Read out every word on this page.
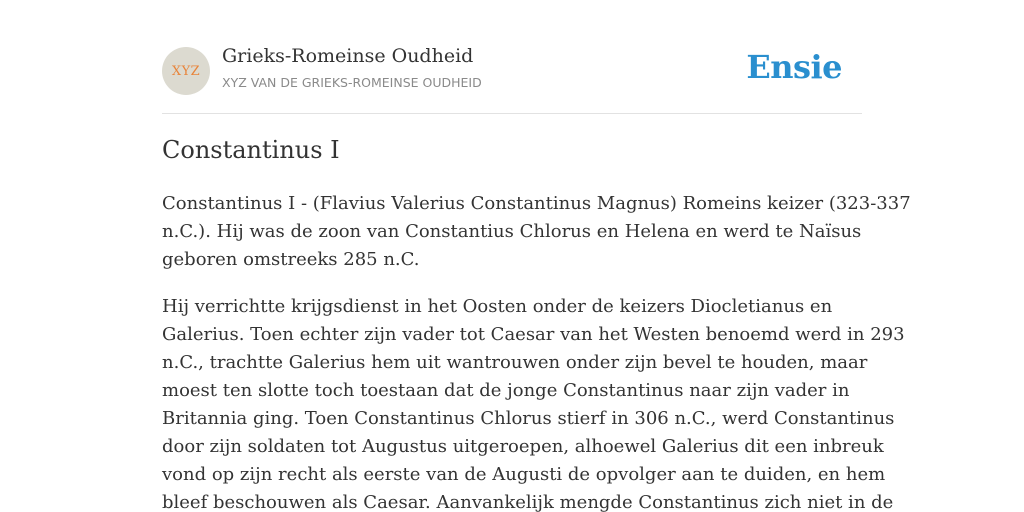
XYZ
Grieks-Romeinse Oudheid
XYZ VAN DE GRIEKS-ROMEINSE OUDHEID	Ensie
Constantinus I

Constantinus I - (Flavius Valerius Constantinus Magnus) Romeins keizer (323-337
n.C.). Hij was de zoon van Constantius Chlorus en Helena en werd te Naïsus
geboren omstreeks 285 n.C.

Hij verrichtte krijgsdienst in het Oosten onder de keizers Diocletianus en
Galerius. Toen echter zijn vader tot Caesar van het Westen benoemd werd in 293
n.C., trachtte Galerius hem uit wantrouwen onder zijn bevel te houden, maar
moest ten slotte toch toestaan dat de jonge Constantinus naar zijn vader in
Britannia ging. Toen Constantinus Chlorus stierf in 306 n.C., werd Constantinus
door zijn soldaten tot Augustus uitgeroepen, alhoewel Galerius dit een inbreuk
vond op zijn recht als eerste van de Augusti de opvolger aan te duiden, en hem
bleef beschouwen als Caesar. Aanvankelijk mengde Constantinus zich niet in de
